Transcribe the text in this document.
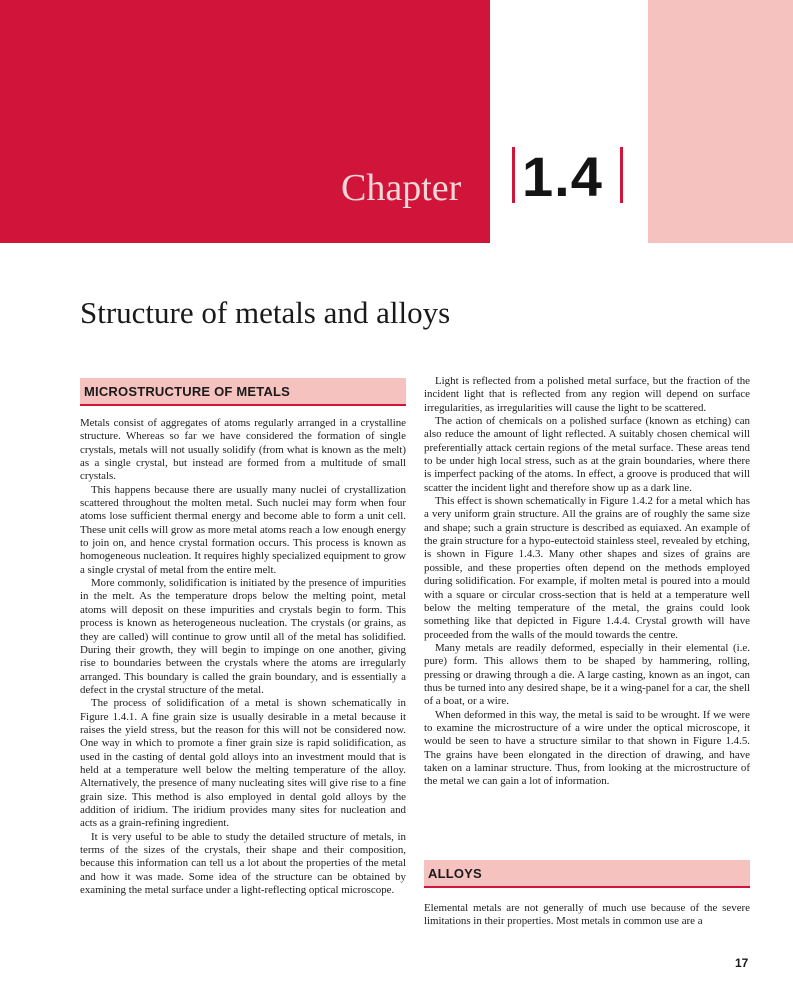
Chapter 1.4
Structure of metals and alloys
MICROSTRUCTURE OF METALS

Metals consist of aggregates of atoms regularly arranged in a crystalline structure. Whereas so far we have considered the formation of single crystals, metals will not usually solidify (from what is known as the melt) as a single crystal, but instead are formed from a multitude of small crystals.

This happens because there are usually many nuclei of crystallization scattered throughout the molten metal. Such nuclei may form when four atoms lose sufficient thermal energy and become able to form a unit cell. These unit cells will grow as more metal atoms reach a low enough energy to join on, and hence crystal formation occurs. This process is known as homogeneous nucleation. It requires highly specialized equipment to grow a single crystal of metal from the entire melt.

More commonly, solidification is initiated by the presence of impurities in the melt. As the temperature drops below the melting point, metal atoms will deposit on these impurities and crystals begin to form. This process is known as heterogeneous nucleation. The crystals (or grains, as they are called) will continue to grow until all of the metal has solidified. During their growth, they will begin to impinge on one another, giving rise to boundaries between the crystals where the atoms are irregularly arranged. This boundary is called the grain boundary, and is essentially a defect in the crystal structure of the metal.

The process of solidification of a metal is shown schematically in Figure 1.4.1. A fine grain size is usually desirable in a metal because it raises the yield stress, but the reason for this will not be considered now. One way in which to promote a finer grain size is rapid solidification, as used in the casting of dental gold alloys into an investment mould that is held at a temperature well below the melting temperature of the alloy. Alternatively, the presence of many nucleating sites will give rise to a fine grain size. This method is also employed in dental gold alloys by the addition of iridium. The iridium provides many sites for nucleation and acts as a grain-refining ingredient.

It is very useful to be able to study the detailed structure of metals, in terms of the sizes of the crystals, their shape and their composition, because this information can tell us a lot about the properties of the metal and how it was made. Some idea of the structure can be obtained by examining the metal surface under a light-reflecting optical microscope.

Light is reflected from a polished metal surface, but the fraction of the incident light that is reflected from any region will depend on surface irregularities, as irregularities will cause the light to be scattered.

The action of chemicals on a polished surface (known as etching) can also reduce the amount of light reflected. A suitably chosen chemical will preferentially attack certain regions of the metal surface. These areas tend to be under high local stress, such as at the grain boundaries, where there is imperfect packing of the atoms. In effect, a groove is produced that will scatter the incident light and therefore show up as a dark line.

This effect is shown schematically in Figure 1.4.2 for a metal which has a very uniform grain structure. All the grains are of roughly the same size and shape; such a grain structure is described as equiaxed. An example of the grain structure for a hypo-eutectoid stainless steel, revealed by etching, is shown in Figure 1.4.3. Many other shapes and sizes of grains are possible, and these properties often depend on the methods employed during solidification. For example, if molten metal is poured into a mould with a square or circular cross-section that is held at a temperature well below the melting temperature of the metal, the grains could look something like that depicted in Figure 1.4.4. Crystal growth will have proceeded from the walls of the mould towards the centre.

Many metals are readily deformed, especially in their elemental (i.e. pure) form. This allows them to be shaped by hammering, rolling, pressing or drawing through a die. A large casting, known as an ingot, can thus be turned into any desired shape, be it a wing-panel for a car, the shell of a boat, or a wire.

When deformed in this way, the metal is said to be wrought. If we were to examine the microstructure of a wire under the optical microscope, it would be seen to have a structure similar to that shown in Figure 1.4.5. The grains have been elongated in the direction of drawing, and have taken on a laminar structure. Thus, from looking at the microstructure of the metal we can gain a lot of information.

ALLOYS
Elemental metals are not generally of much use because of the severe limitations in their properties. Most metals in common use are a
17
